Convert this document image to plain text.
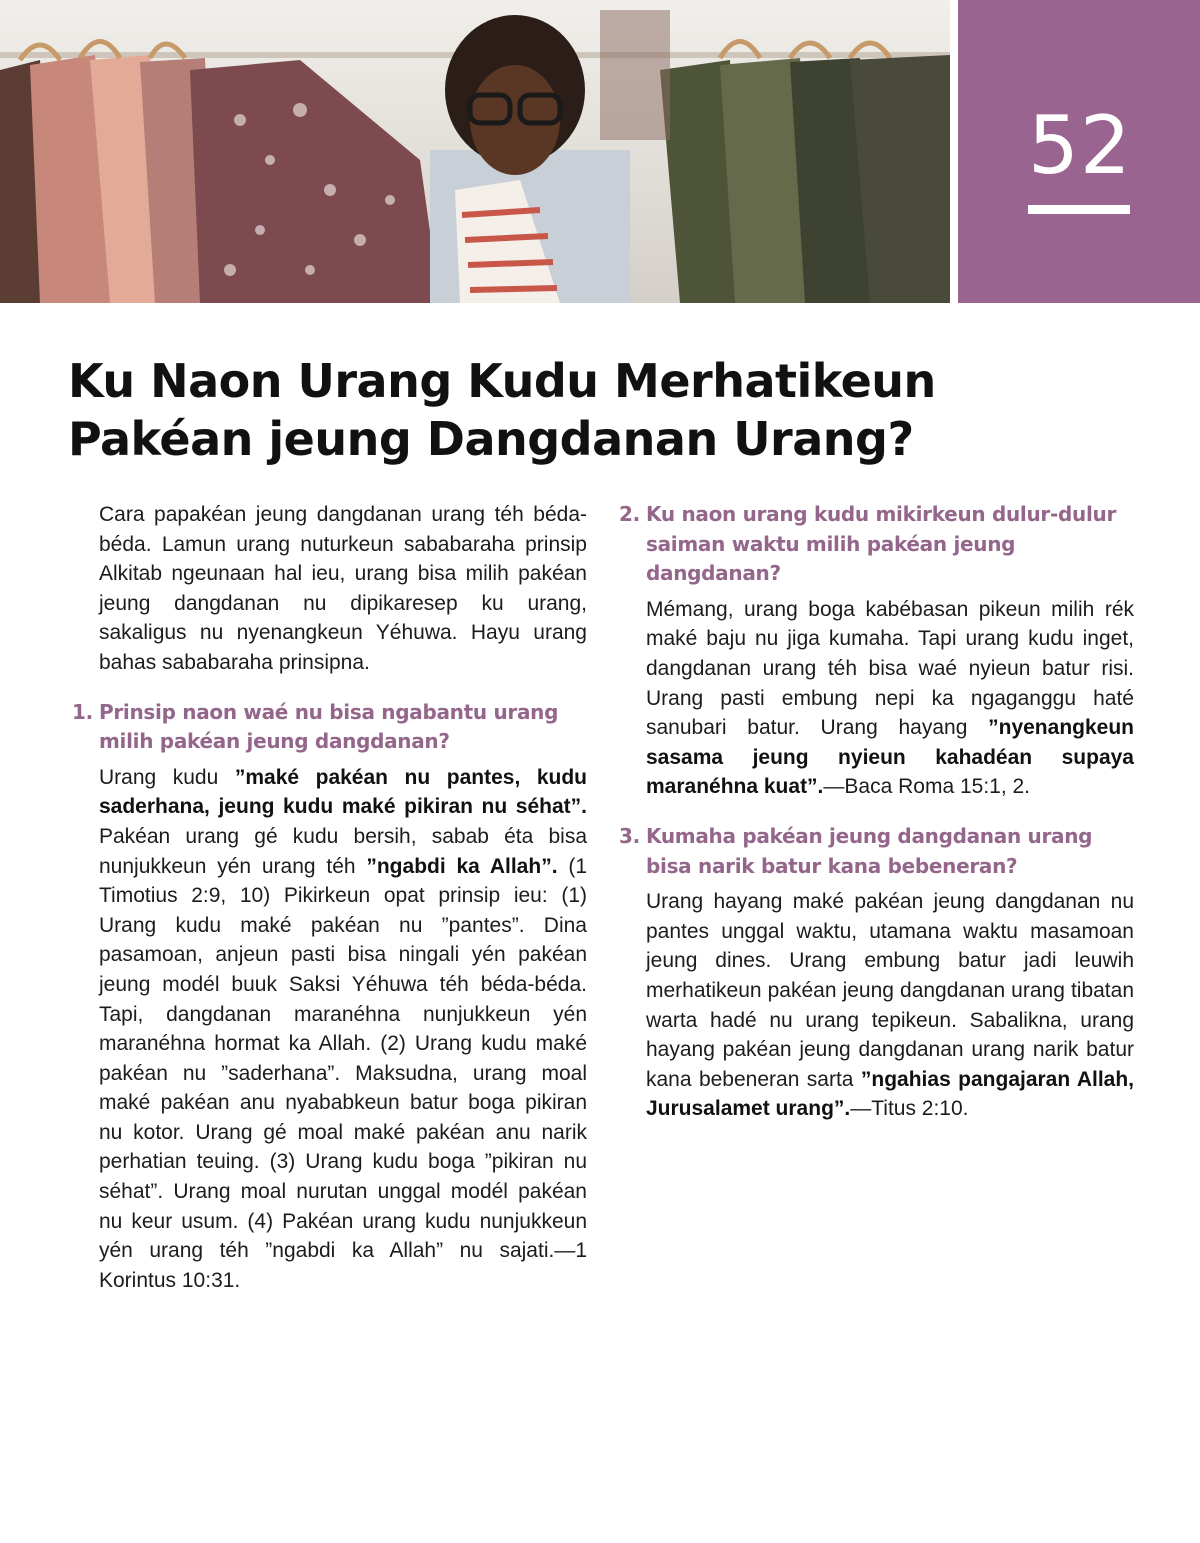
52
Ku Naon Urang Kudu Merhatikeun
Pakéan jeung Dangdanan Urang?

Cara papakéan jeung dangdanan urang téh béda-béda. Lamun urang nuturkeun sababaraha prinsip Alkitab ngeunaan hal ieu, urang bisa milih pakéan jeung dangdanan nu dipikaresep ku urang, sakaligus nu nyenangkeun Yéhuwa. Hayu urang bahas sababaraha prinsipna.

1. Prinsip naon waé nu bisa ngabantu urang milih pakéan jeung dangdanan?

Urang kudu ”maké pakéan nu pantes, kudu saderhana, jeung kudu maké pikiran nu séhat”. Pakéan urang gé kudu bersih, sabab éta bisa nunjukkeun yén urang téh ”ngabdi ka Allah”. (1 Timotius 2:9, 10) Pikirkeun opat prinsip ieu: (1) Urang kudu maké pakéan nu ”pantes”. Dina pasamoan, anjeun pasti bisa ningali yén pakéan jeung modél buuk Saksi Yéhuwa téh béda-béda. Tapi, dangdanan maranéhna nunjukkeun yén maranéhna hormat ka Allah. (2) Urang kudu maké pakéan nu ”saderhana”. Maksudna, urang moal maké pakéan anu nyababkeun batur boga pikiran nu kotor. Urang gé moal maké pakéan anu narik perhatian teuing. (3) Urang kudu boga ”pikiran nu séhat”. Urang moal nurutan unggal modél pakéan nu keur usum. (4) Pakéan urang kudu nunjukkeun yén urang téh ”ngabdi ka Allah” nu sajati.—1 Korintus 10:31.

2. Ku naon urang kudu mikirkeun dulur-dulur saiman waktu milih pakéan jeung dangdanan?

Mémang, urang boga kabébasan pikeun milih rék maké baju nu jiga kumaha. Tapi urang kudu inget, dangdanan urang téh bisa waé nyieun batur risi. Urang pasti embung nepi ka ngaganggu haté sanubari batur. Urang hayang ”nyenangkeun sasama jeung nyieun kahadéan supaya maranéhna kuat”.—Baca Roma 15:1, 2.

3. Kumaha pakéan jeung dangdanan urang bisa narik batur kana bebeneran?

Urang hayang maké pakéan jeung dangdanan nu pantes unggal waktu, utamana waktu masamoan jeung dines. Urang embung batur jadi leuwih merhatikeun pakéan jeung dangdanan urang tibatan warta hadé nu urang tepikeun. Sabalikna, urang hayang pakéan jeung dangdanan urang narik batur kana bebeneran sarta ”ngahias pangajaran Allah, Jurusalamet urang”.—Titus 2:10.
